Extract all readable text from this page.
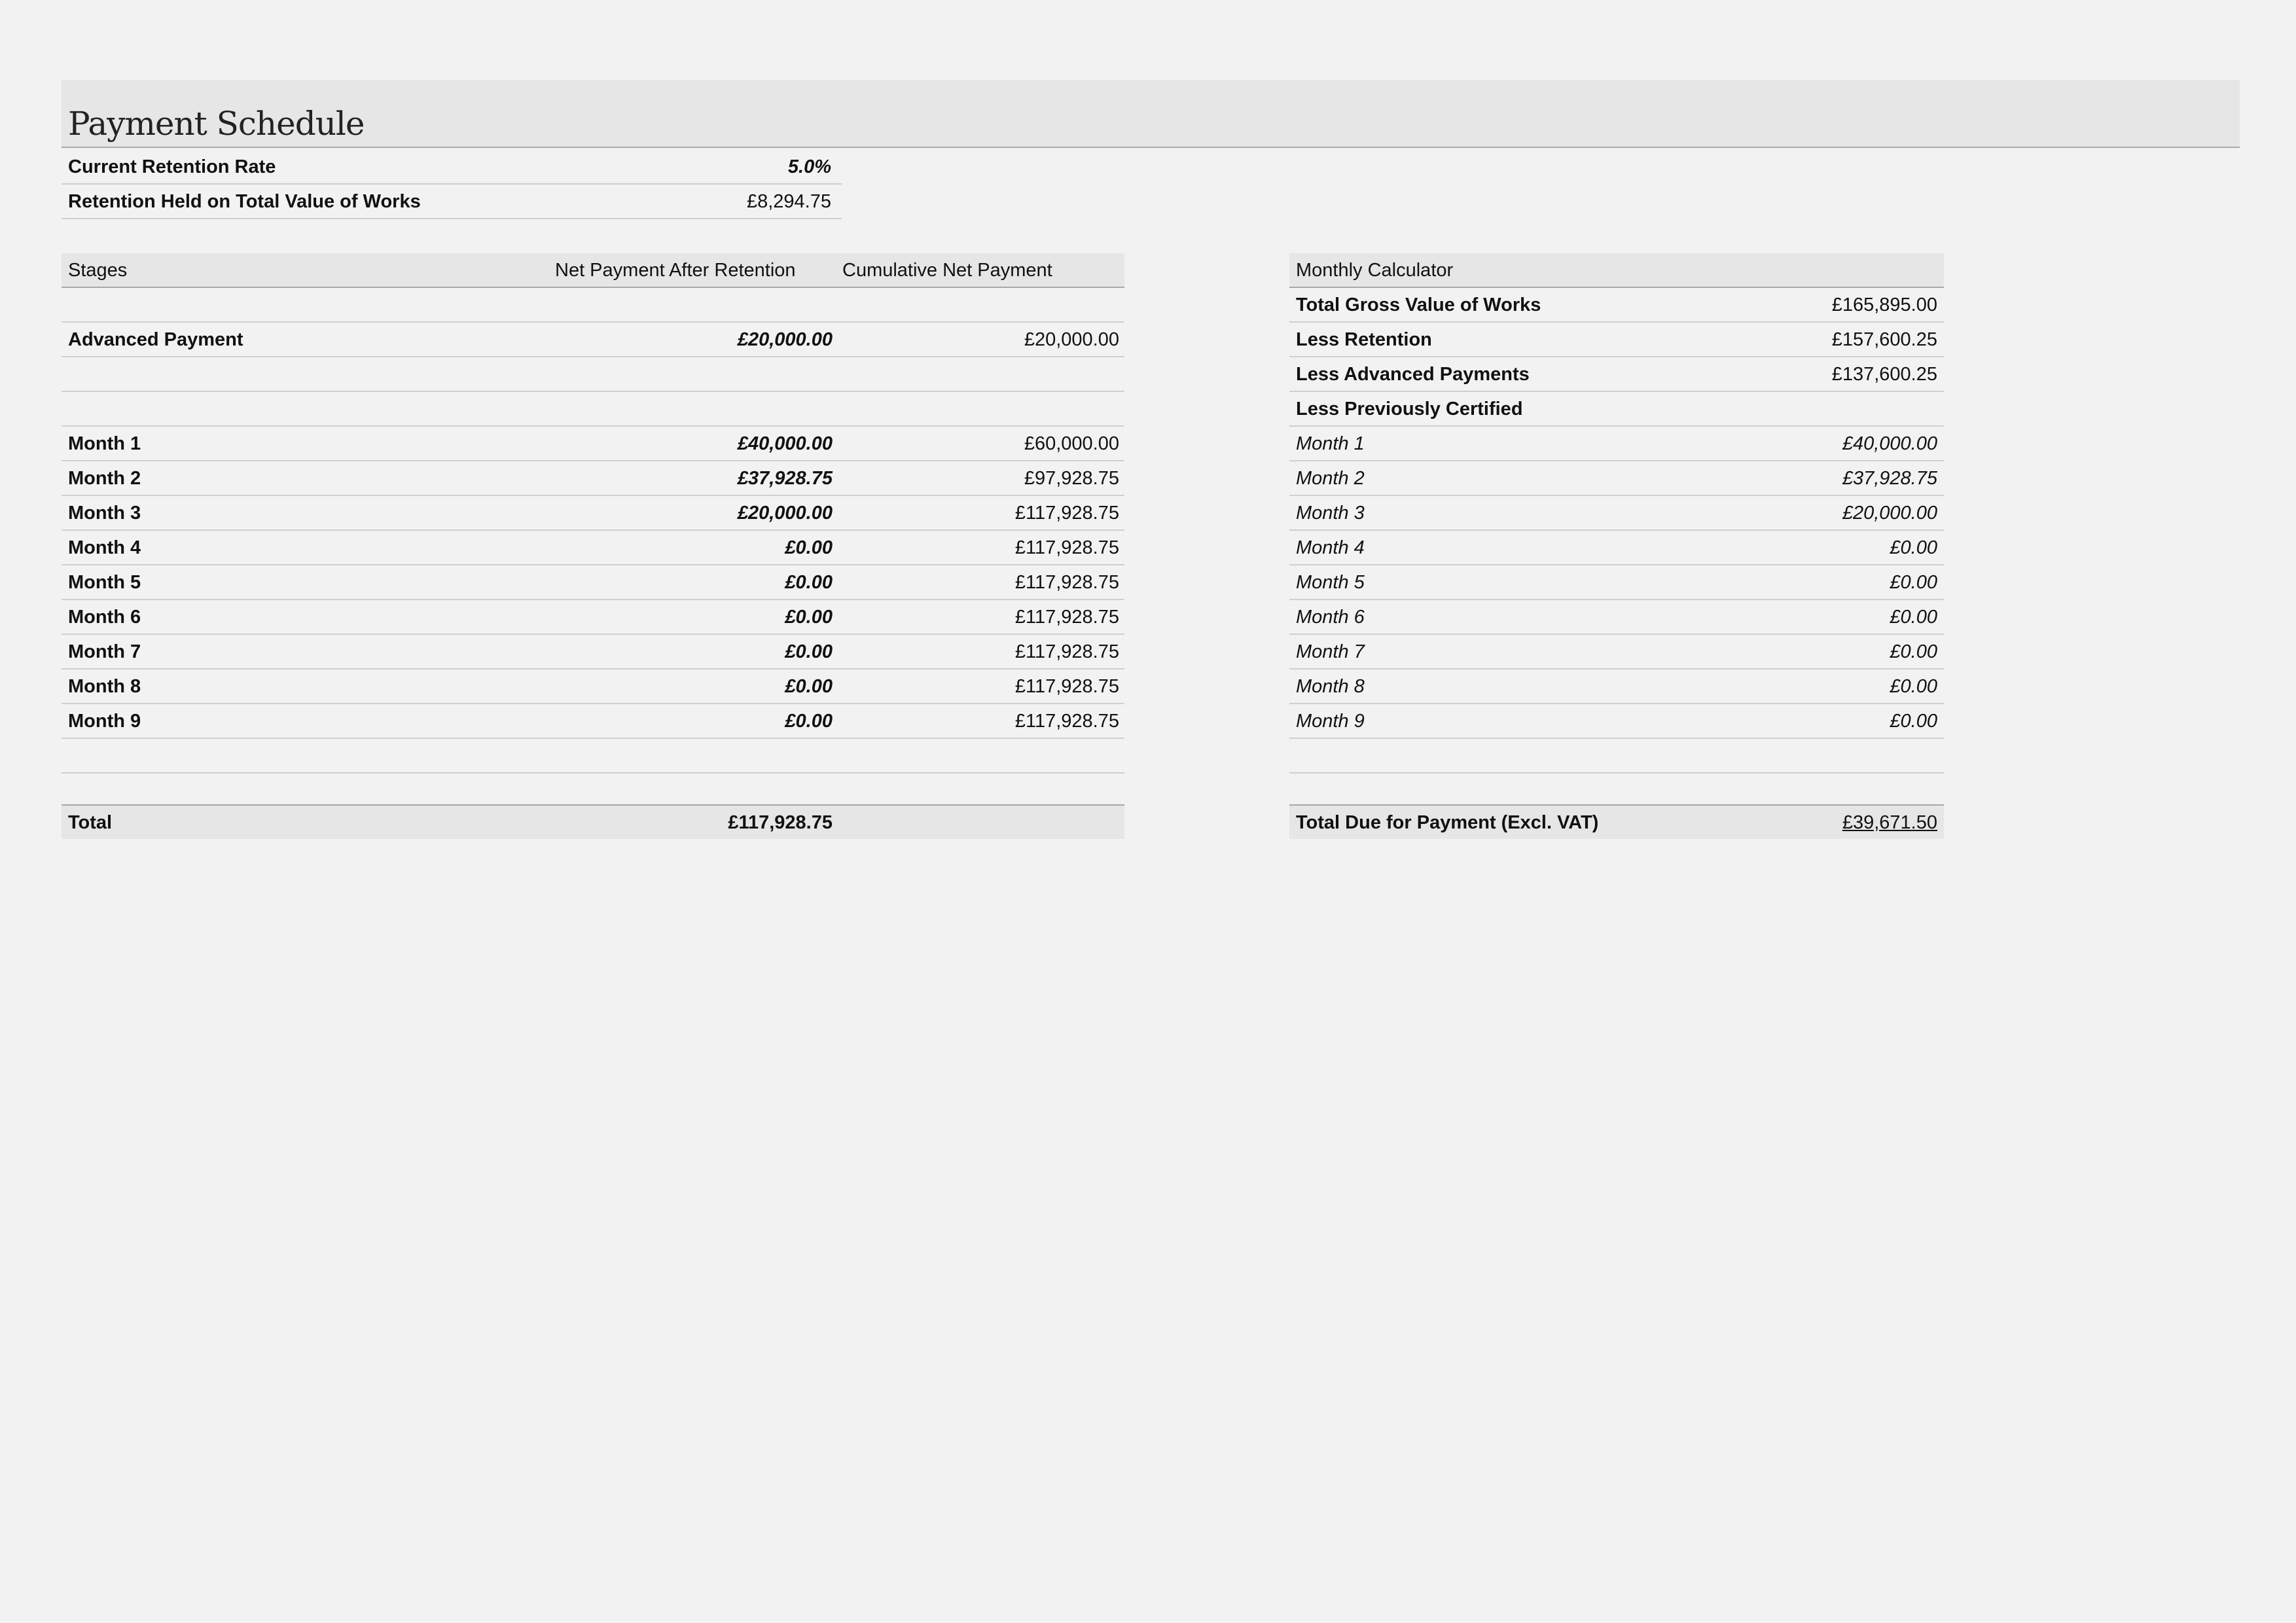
Payment Schedule
Current Retention Rate	5.0%
Retention Held on Total Value of Works	£8,294.75
Stages	Net Payment After Retention Cumulative Net Payment
Advanced Payment	£20,000.00	£20,000.00
Month 1	£40,000.00	£60,000.00
Month 2	£37,928.75	£97,928.75
Month 3	£20,000.00	£117,928.75
Month 4	£0.00	£117,928.75
Month 5	£0.00	£117,928.75
Month 6	£0.00	£117,928.75
Month 7	£0.00	£117,928.75
Month 8	£0.00	£117,928.75
Month 9	£0.00	£117,928.75
Total	£117,928.75
Monthly Calculator
Total Gross Value of Works	£165,895.00
Less Retention	£157,600.25
Less Advanced Payments	£137,600.25
Less Previously Certified
Month 1	£40,000.00
Month 2	£37,928.75
Month 3	£20,000.00
Month 4	£0.00
Month 5	£0.00
Month 6	£0.00
Month 7	£0.00
Month 8	£0.00
Month 9	£0.00
Total Due for Payment (Excl. VAT)	£39,671.50
